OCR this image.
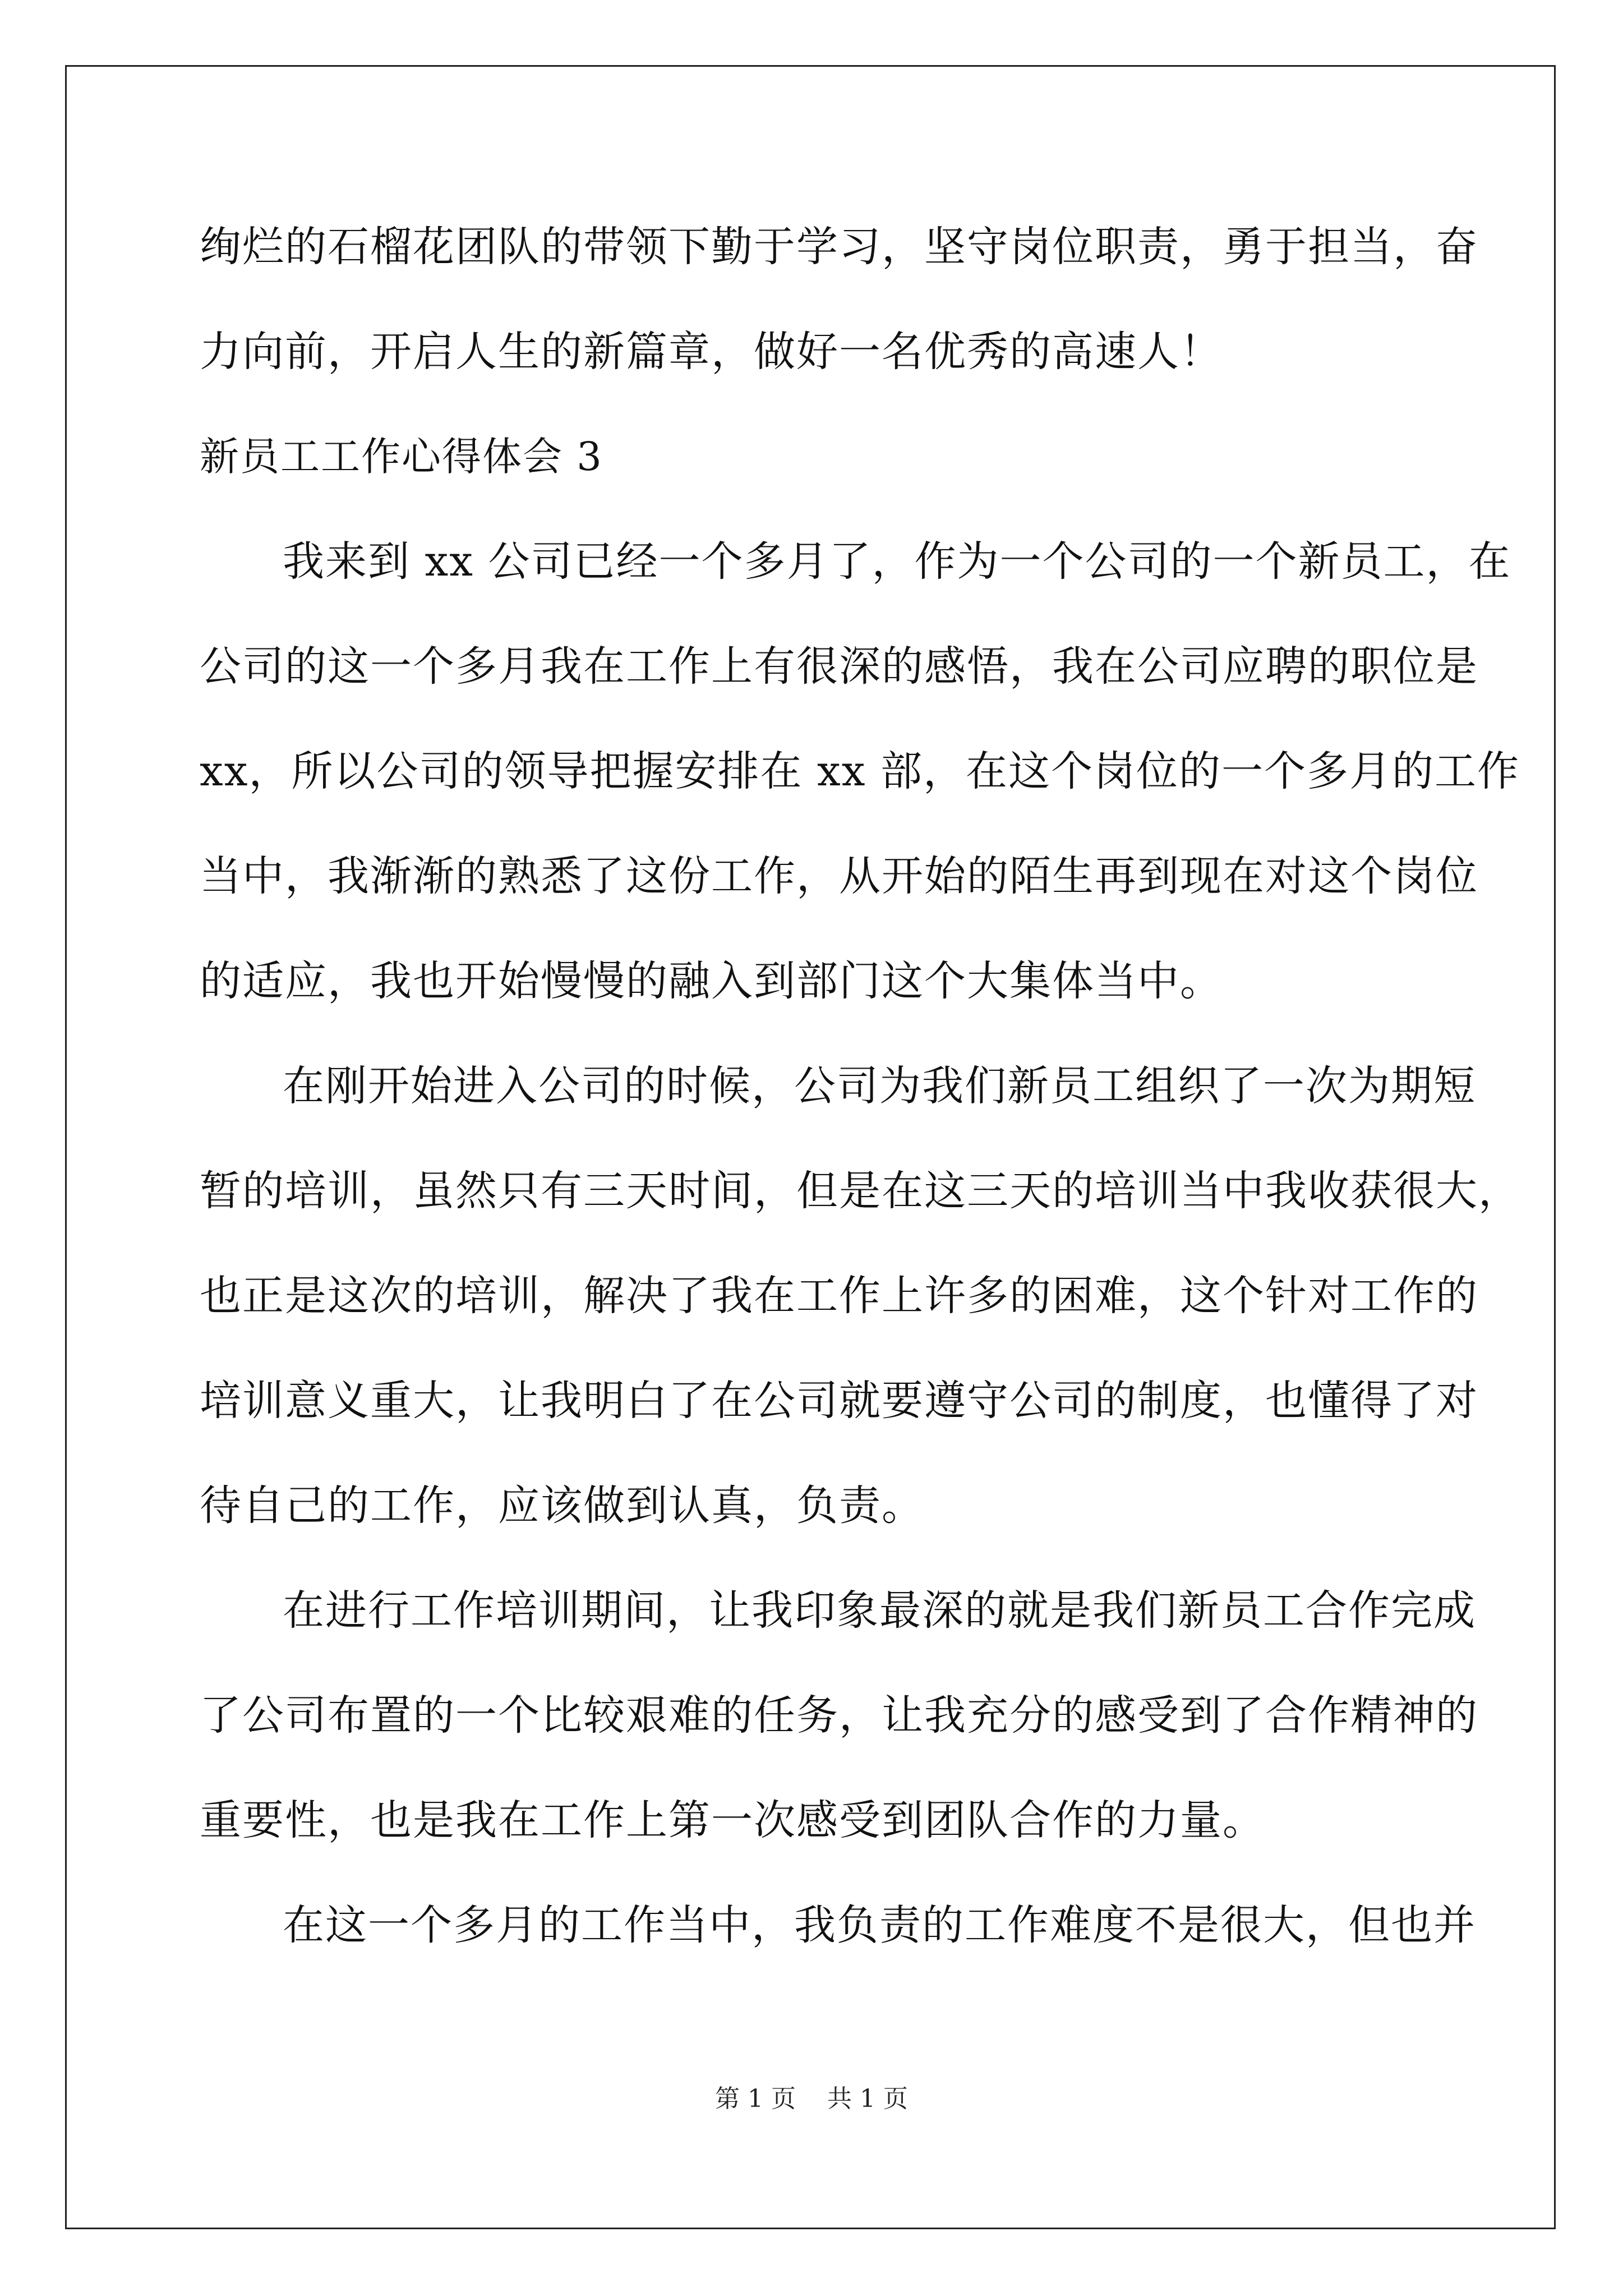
绚烂的石榴花团队的带领下勤于学习，坚守岗位职责，勇于担当，奋
力向前，开启人生的新篇章，做好一名优秀的高速人！
新员工工作心得体会 3
我来到 xx 公司已经一个多月了，作为一个公司的一个新员工，在
公司的这一个多月我在工作上有很深的感悟，我在公司应聘的职位是
xx，所以公司的领导把握安排在 xx 部，在这个岗位的一个多月的工作
当中，我渐渐的熟悉了这份工作，从开始的陌生再到现在对这个岗位
的适应，我也开始慢慢的融入到部门这个大集体当中。
在刚开始进入公司的时候，公司为我们新员工组织了一次为期短
暂的培训，虽然只有三天时间，但是在这三天的培训当中我收获很大，
也正是这次的培训，解决了我在工作上许多的困难，这个针对工作的
培训意义重大，让我明白了在公司就要遵守公司的制度，也懂得了对
待自己的工作，应该做到认真，负责。
在进行工作培训期间，让我印象最深的就是我们新员工合作完成
了公司布置的一个比较艰难的任务，让我充分的感受到了合作精神的
重要性，也是我在工作上第一次感受到团队合作的力量。
在这一个多月的工作当中，我负责的工作难度不是很大，但也并
第 1 页    共 1 页
